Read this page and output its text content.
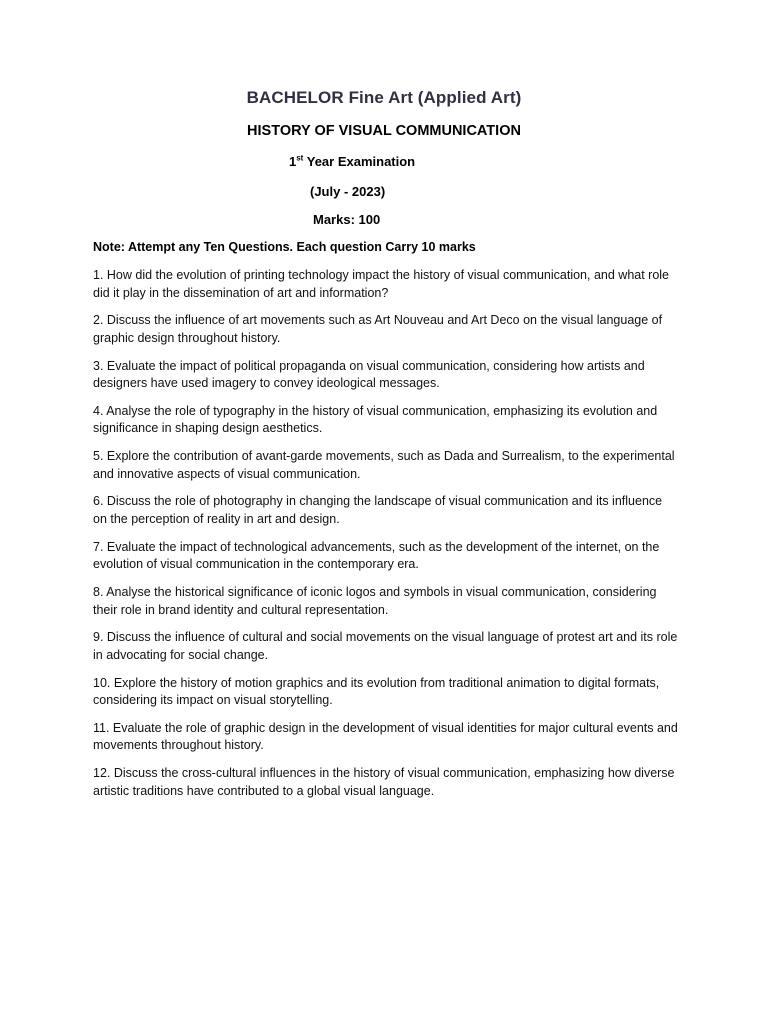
BACHELOR Fine Art (Applied Art)
HISTORY OF VISUAL COMMUNICATION
1st Year Examination
(July - 2023)
Marks: 100
Note: Attempt any Ten Questions. Each question Carry 10 marks
1. How did the evolution of printing technology impact the history of visual communication, and what role did it play in the dissemination of art and information?
2. Discuss the influence of art movements such as Art Nouveau and Art Deco on the visual language of graphic design throughout history.
3. Evaluate the impact of political propaganda on visual communication, considering how artists and designers have used imagery to convey ideological messages.
4. Analyse the role of typography in the history of visual communication, emphasizing its evolution and significance in shaping design aesthetics.
5. Explore the contribution of avant-garde movements, such as Dada and Surrealism, to the experimental and innovative aspects of visual communication.
6. Discuss the role of photography in changing the landscape of visual communication and its influence on the perception of reality in art and design.
7. Evaluate the impact of technological advancements, such as the development of the internet, on the evolution of visual communication in the contemporary era.
8. Analyse the historical significance of iconic logos and symbols in visual communication, considering their role in brand identity and cultural representation.
9. Discuss the influence of cultural and social movements on the visual language of protest art and its role in advocating for social change.
10. Explore the history of motion graphics and its evolution from traditional animation to digital formats, considering its impact on visual storytelling.
11. Evaluate the role of graphic design in the development of visual identities for major cultural events and movements throughout history.
12. Discuss the cross-cultural influences in the history of visual communication, emphasizing how diverse artistic traditions have contributed to a global visual language.
